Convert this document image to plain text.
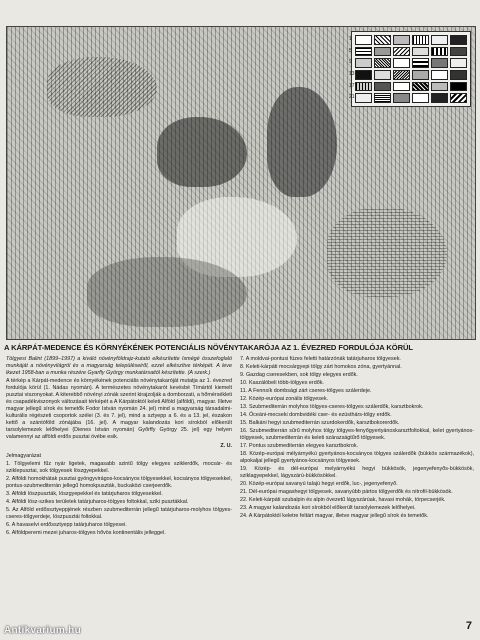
1
5
9
13
17
21
A KÁRPÁT-MEDENCE ÉS KÖRNYÉKÉNEK POTENCIÁLIS NÖVÉNYTAKARÓJA AZ 1. ÉVEZRED FORDULÓJA KÖRÜL

Tölgyesi Balint (1899–1997) a kiváló növényföldrajz-kutató elkészítette Ismégé összefoglaló munkáját a növényvilágról és a magyarság településeiről, ezzel elkészítve térképét. A leve lkezet 1958-ban a munka részére Gyarfly György munkatársaitól készítette. (A szerk.)

A térkép a Kárpát-medence és környékének potenciális növénytakaróját mutatja az 1. évezred fordulója körül (1. Nádas nyomán). A természetes növénytakarót kevésbé Tímártól kiemelt pusztai viszonyokat. A kiterebbő növényi zónák szerint kirajzolják a domborzati, a hőmérsékleti és csapadékviszonyok változásait térképét a A Kárpátoktól keleti Alföld (alföldi), magyar. Illetve magyar jellegű sírok és temetők Fodor István nyomán 24. jel) mind a magyarság társadalmi-kulturális régészeti csoportok szélei (3. és 7. jel), mind a sztyepp a 6. és a 13. jel, északon kettő a szántóföld zónájába (16. jel). A magyar kalandozás kori sírokból előkerült tarsolylemezek lelőhelyei (Dienes István nyomán) Győrffy György 25. jel) egy helyen valamennyi az alföldi erdős pusztai övébe esik.

Z. U.
Jelmagyarázat

1. Tölgyelemi fűz nyár ligetek, magasabb szintű tölgy elegyes sziklerdők, mocsár- és sziklepusztai, sok tölgyesek löszgyepekkel.

2. Alföldi homokhátak pusztai gyöngyvirágos-kocsányos tölgyesekkel, kocsányos tölgyesekkel, pontus-szubmediterrán jellegű homokpuszták, buckaközi cserjeerdők.

3. Alföldi löszpuszták, löszgyepekkel és tatárjuharos tölgyesekkel.

4. Alföldi lösz-szikes területek tatárjuharos-tölgyes foltokkal, sziki pusztákkal.

5. Az Alföld erdőssztyeppjének részben szubmediterrán jellegű tatárjuharos-molyhos tölgyes-cseres-tölgyerdeje, löszpusztái foltokkal.

6. A havaselvi erdőssztyepp tatárjuharos tölgyesei.

6. Alföldperemi mezei juharos-tölgyes hővös kontinentális jelleggel.

7. A moldvai-pontusi füzes feletti határzónák tatárjuharos tölgyesek.

8. Keleti-kárpáti mocsárgyepi tölgy zárt homokos zóna, gyertyánnal.

9. Gazdag cseresekben, sok tölgy elegyes erdők.

10. Kaszálóbeli több-tölgyes erdők.

11. A Fennsík dombsági zárt cseres-tölgyes szálerdeje.

12. Közép-európai zonális tölgyesek.

13. Szubmediterrán molyhos tölgyes-cseres-tölgyes szálerdők, karsztbokrok.

14. Óceáni-mecseki dombvidéki cser- és ezüsthárs-tölgy erdők.

15. Balkáni hegyi szubmediterrán szurdokerdők, karsztbokorerdők.

16. Szubmediterrán sűrű molyhos tölgy tölgyes-fenyőgyertyánoskarsztfoltokkal, kelet gyertyános-tölgyesek, szubmediterrán és keleti szárazságtűrő tölgyesek.

17. Pontus szubmediterrán elegyes karsztbokrok.

18. Közép-európai mélyárnyékú gyertyános-kocsányos tölgyes szálerdők (bükkös származékok), alpokaljai jellegű gyertyános-kocsányos tölgyesek.

19. Közép- és dél-európai melyárnyékú hegyi bükkösök, jegenyefenyős-bükkösök, sziklagyepekkel, lágyszárú-bükkösökkel.

20. Közép-európai savanyú talajú hegyi erdők, luc-, jegenyefenyő.

21. Dél-európai magashegyi tölgyesek, savanyúbb pártos tölgyerdők és nitrofil-bükkösök.

22. Keleti-kárpáti szubalpin és alpin övezetű lágyszárúak, havasi mohák, törpecserjék.

23. A magyar kalandozás kori sírokból előkerült tarsolylemezek lelőhelyei.

24. A Kárpátoktól keletre feltárt magyar, illetve magyar jellegű sírok és temetők.

7
Antikvarium.hu
